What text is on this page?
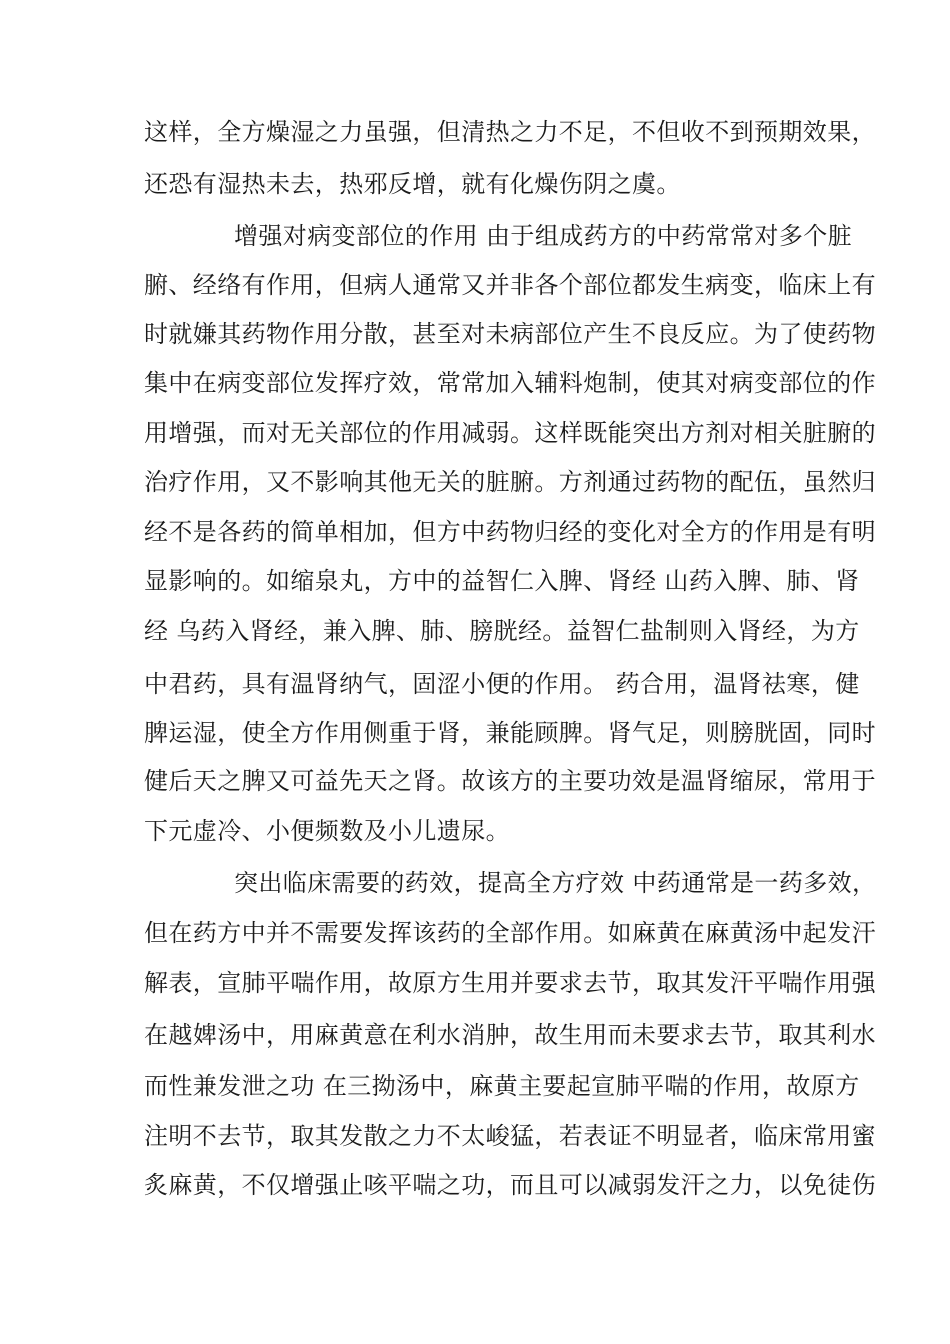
这样，全方燥湿之力虽强，但清热之力不足，不但收不到预期效果，
还恐有湿热未去，热邪反增，就有化燥伤阴之虞。
增强对病变部位的作用 由于组成药方的中药常常对多个脏
腑、经络有作用，但病人通常又并非各个部位都发生病变，临床上有
时就嫌其药物作用分散，甚至对未病部位产生不良反应。为了使药物
集中在病变部位发挥疗效，常常加入辅料炮制，使其对病变部位的作
用增强，而对无关部位的作用减弱。这样既能突出方剂对相关脏腑的
治疗作用，又不影响其他无关的脏腑。方剂通过药物的配伍，虽然归
经不是各药的简单相加，但方中药物归经的变化对全方的作用是有明
显影响的。如缩泉丸，方中的益智仁入脾、肾经 山药入脾、肺、肾
经 乌药入肾经，兼入脾、肺、膀胱经。益智仁盐制则入肾经，为方
中君药，具有温肾纳气，固涩小便的作用。 药合用，温肾祛寒，健
脾运湿，使全方作用侧重于肾，兼能顾脾。肾气足，则膀胱固，同时
健后天之脾又可益先天之肾。故该方的主要功效是温肾缩尿，常用于
下元虚冷、小便频数及小儿遗尿。
突出临床需要的药效，提高全方疗效 中药通常是一药多效，
但在药方中并不需要发挥该药的全部作用。如麻黄在麻黄汤中起发汗
解表，宣肺平喘作用，故原方生用并要求去节，取其发汗平喘作用强
在越婢汤中，用麻黄意在利水消肿，故生用而未要求去节，取其利水
而性兼发泄之功 在三拗汤中，麻黄主要起宣肺平喘的作用，故原方
注明不去节，取其发散之力不太峻猛，若表证不明显者，临床常用蜜
炙麻黄，不仅增强止咳平喘之功，而且可以减弱发汗之力，以免徒伤
